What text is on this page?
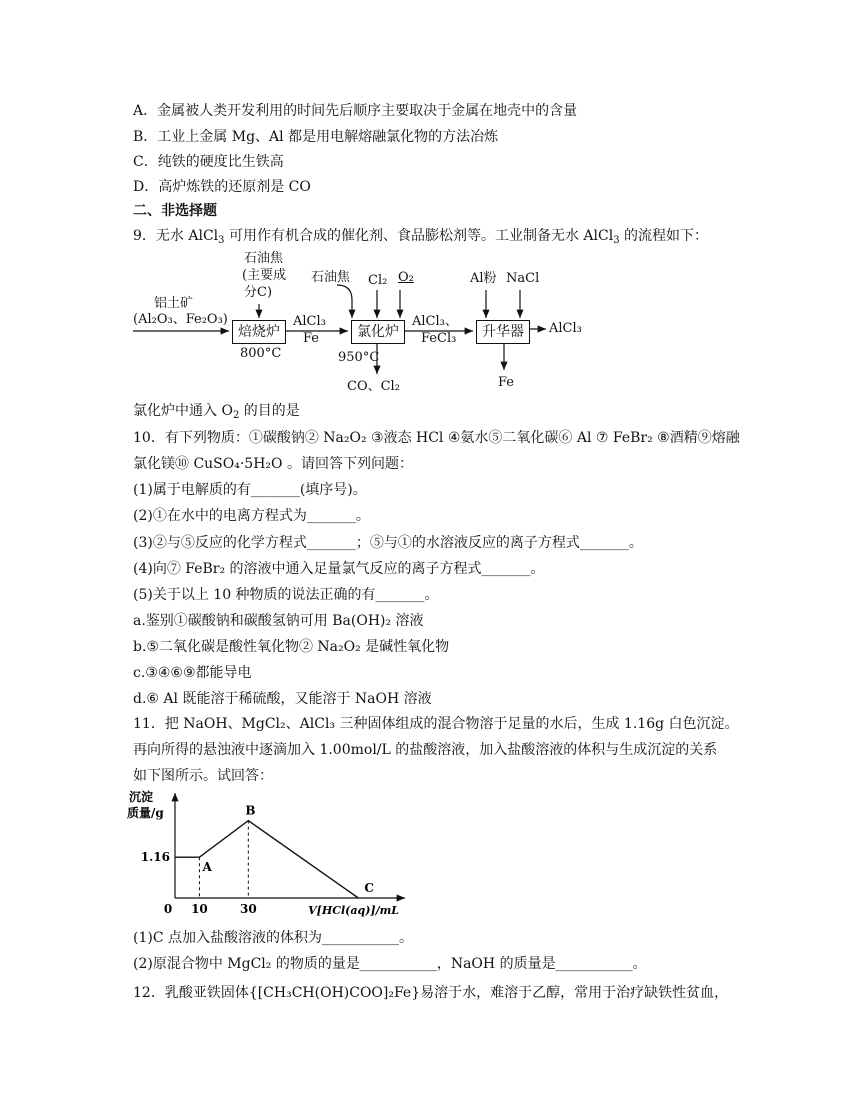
A．金属被人类开发利用的时间先后顺序主要取决于金属在地壳中的含量
B．工业上金属 Mg、Al 都是用电解熔融氯化物的方法冶炼
C．纯铁的硬度比生铁高
D．高炉炼铁的还原剂是 CO
二、非选择题
9．无水 AlCl$_3$ 可用作有机合成的催化剂、食品膨松剂等。工业制备无水 AlCl$_3$ 的流程如下：
铝土矿
(Al₂O₃、Fe₂O₃)
石油焦
(主要成
分C)
焙烧炉
800°C
AlCl₃
Fe
石油焦 Cl₂ O₂
氯化炉
950°C
CO、Cl₂
AlCl₃、
FeCl₃
Al粉 NaCl
升华器	AlCl₃
Fe
氯化炉中通入 $O_2$ 的目的是
10．有下列物质：①碳酸钠② Na₂O₂ ③液态 HCl ④氨水⑤二氧化碳⑥ Al ⑦ FeBr₂ ⑧酒精⑨熔融
氯化镁⑩ CuSO₄·5H₂O 。请回答下列问题：
(1)属于电解质的有_______(填序号)。
(2)①在水中的电离方程式为_______。
(3)②与⑤反应的化学方程式_______；⑤与①的水溶液反应的离子方程式_______。
(4)向⑦ FeBr₂ 的溶液中通入足量氯气反应的离子方程式_______。
(5)关于以上 10 种物质的说法正确的有_______。
a.鉴别①碳酸钠和碳酸氢钠可用 Ba(OH)₂ 溶液
b.⑤二氧化碳是酸性氧化物② Na₂O₂ 是碱性氧化物
c.③④⑥⑨都能导电
d.⑥ Al 既能溶于稀硫酸，又能溶于 NaOH 溶液
11．把 NaOH、MgCl₂、AlCl₃ 三种固体组成的混合物溶于足量的水后，生成 1.16g 白色沉淀。
再向所得的悬浊液中逐滴加入 1.00mol/L 的盐酸溶液，加入盐酸溶液的体积与生成沉淀的关系
如下图所示。试回答：
沉淀
质量/g
V[HCl(aq)]/mL
0 10	30
1.16
A
B
C
(1)C 点加入盐酸溶液的体积为___________。
(2)原混合物中 MgCl₂ 的物质的量是___________，NaOH 的质量是___________。
12．乳酸亚铁固体{[CH₃CH(OH)COO]₂Fe}易溶于水，难溶于乙醇，常用于治疗缺铁性贫血，
